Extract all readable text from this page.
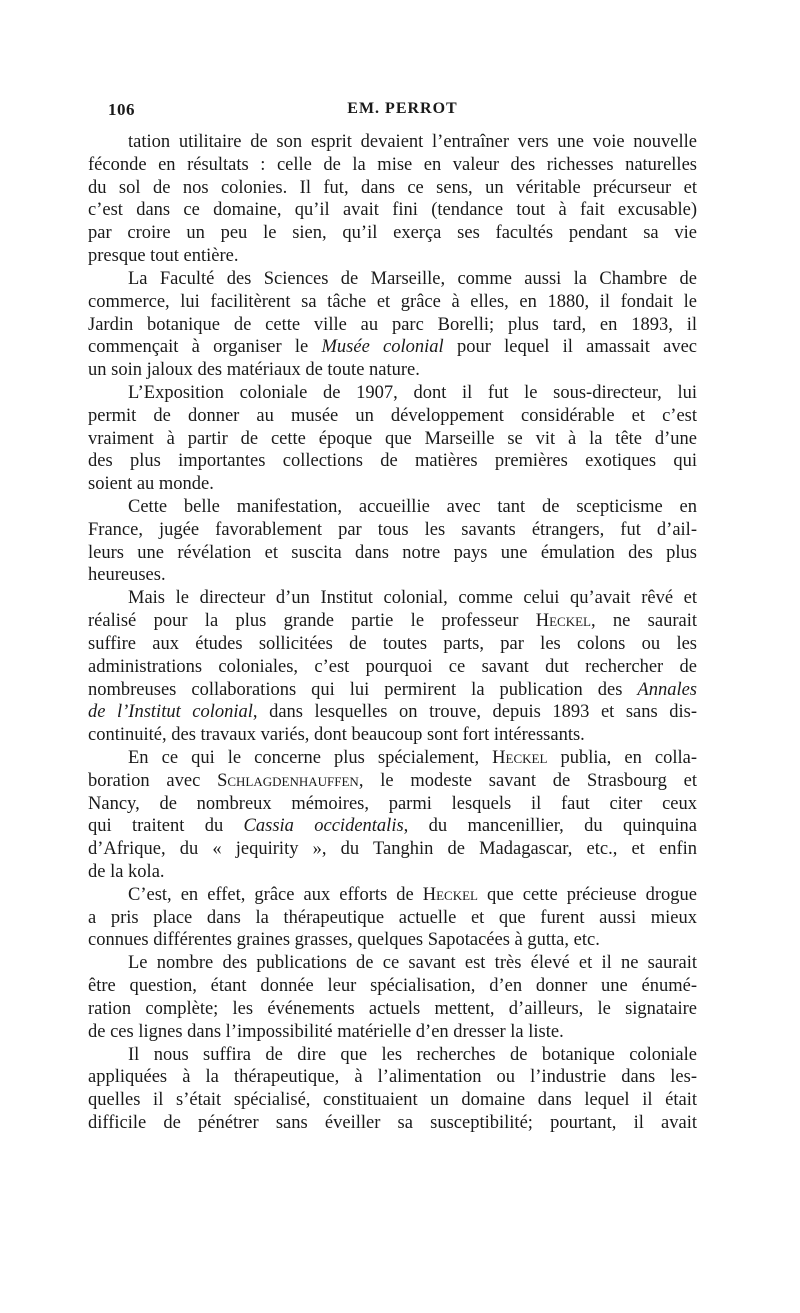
106	EM. PERROT

tation utilitaire de son esprit devaient l’entraîner vers une voie nouvelle
féconde en résultats : celle de la mise en valeur des richesses naturelles
du sol de nos colonies. Il fut, dans ce sens, un véritable précurseur et
c’est dans ce domaine, qu’il avait fini (tendance tout à fait excusable)
par croire un peu le sien, qu’il exerça ses facultés pendant sa vie
presque tout entière.

La Faculté des Sciences de Marseille, comme aussi la Chambre de
commerce, lui facilitèrent sa tâche et grâce à elles, en 1880, il fondait le
Jardin botanique de cette ville au parc Borelli; plus tard, en 1893, il
commençait à organiser le Musée colonial pour lequel il amassait avec
un soin jaloux des matériaux de toute nature.

L’Exposition coloniale de 1907, dont il fut le sous-directeur, lui
permit de donner au musée un développement considérable et c’est
vraiment à partir de cette époque que Marseille se vit à la tête d’une
des plus importantes collections de matières premières exotiques qui
soient au monde.

Cette belle manifestation, accueillie avec tant de scepticisme en
France, jugée favorablement par tous les savants étrangers, fut d’ail-
leurs une révélation et suscita dans notre pays une émulation des plus
heureuses.

Mais le directeur d’un Institut colonial, comme celui qu’avait rêvé et
réalisé pour la plus grande partie le professeur Heckel, ne saurait
suffire aux études sollicitées de toutes parts, par les colons ou les
administrations coloniales, c’est pourquoi ce savant dut rechercher de
nombreuses collaborations qui lui permirent la publication des Annales
de l’Institut colonial, dans lesquelles on trouve, depuis 1893 et sans dis-
continuité, des travaux variés, dont beaucoup sont fort intéressants.

En ce qui le concerne plus spécialement, Heckel publia, en colla-
boration avec Schlagdenhauffen, le modeste savant de Strasbourg et
Nancy, de nombreux mémoires, parmi lesquels il faut citer ceux
qui traitent du Cassia occidentalis, du mancenillier, du quinquina
d’Afrique, du « jequirity », du Tanghin de Madagascar, etc., et enfin
de la kola.

C’est, en effet, grâce aux efforts de Heckel que cette précieuse drogue
a pris place dans la thérapeutique actuelle et que furent aussi mieux
connues différentes graines grasses, quelques Sapotacées à gutta, etc.

Le nombre des publications de ce savant est très élevé et il ne saurait
être question, étant donnée leur spécialisation, d’en donner une énumé-
ration complète; les événements actuels mettent, d’ailleurs, le signataire
de ces lignes dans l’impossibilité matérielle d’en dresser la liste.

Il nous suffira de dire que les recherches de botanique coloniale
appliquées à la thérapeutique, à l’alimentation ou l’industrie dans les-
quelles il s’était spécialisé, constituaient un domaine dans lequel il était
difficile de pénétrer sans éveiller sa susceptibilité; pourtant, il avait
